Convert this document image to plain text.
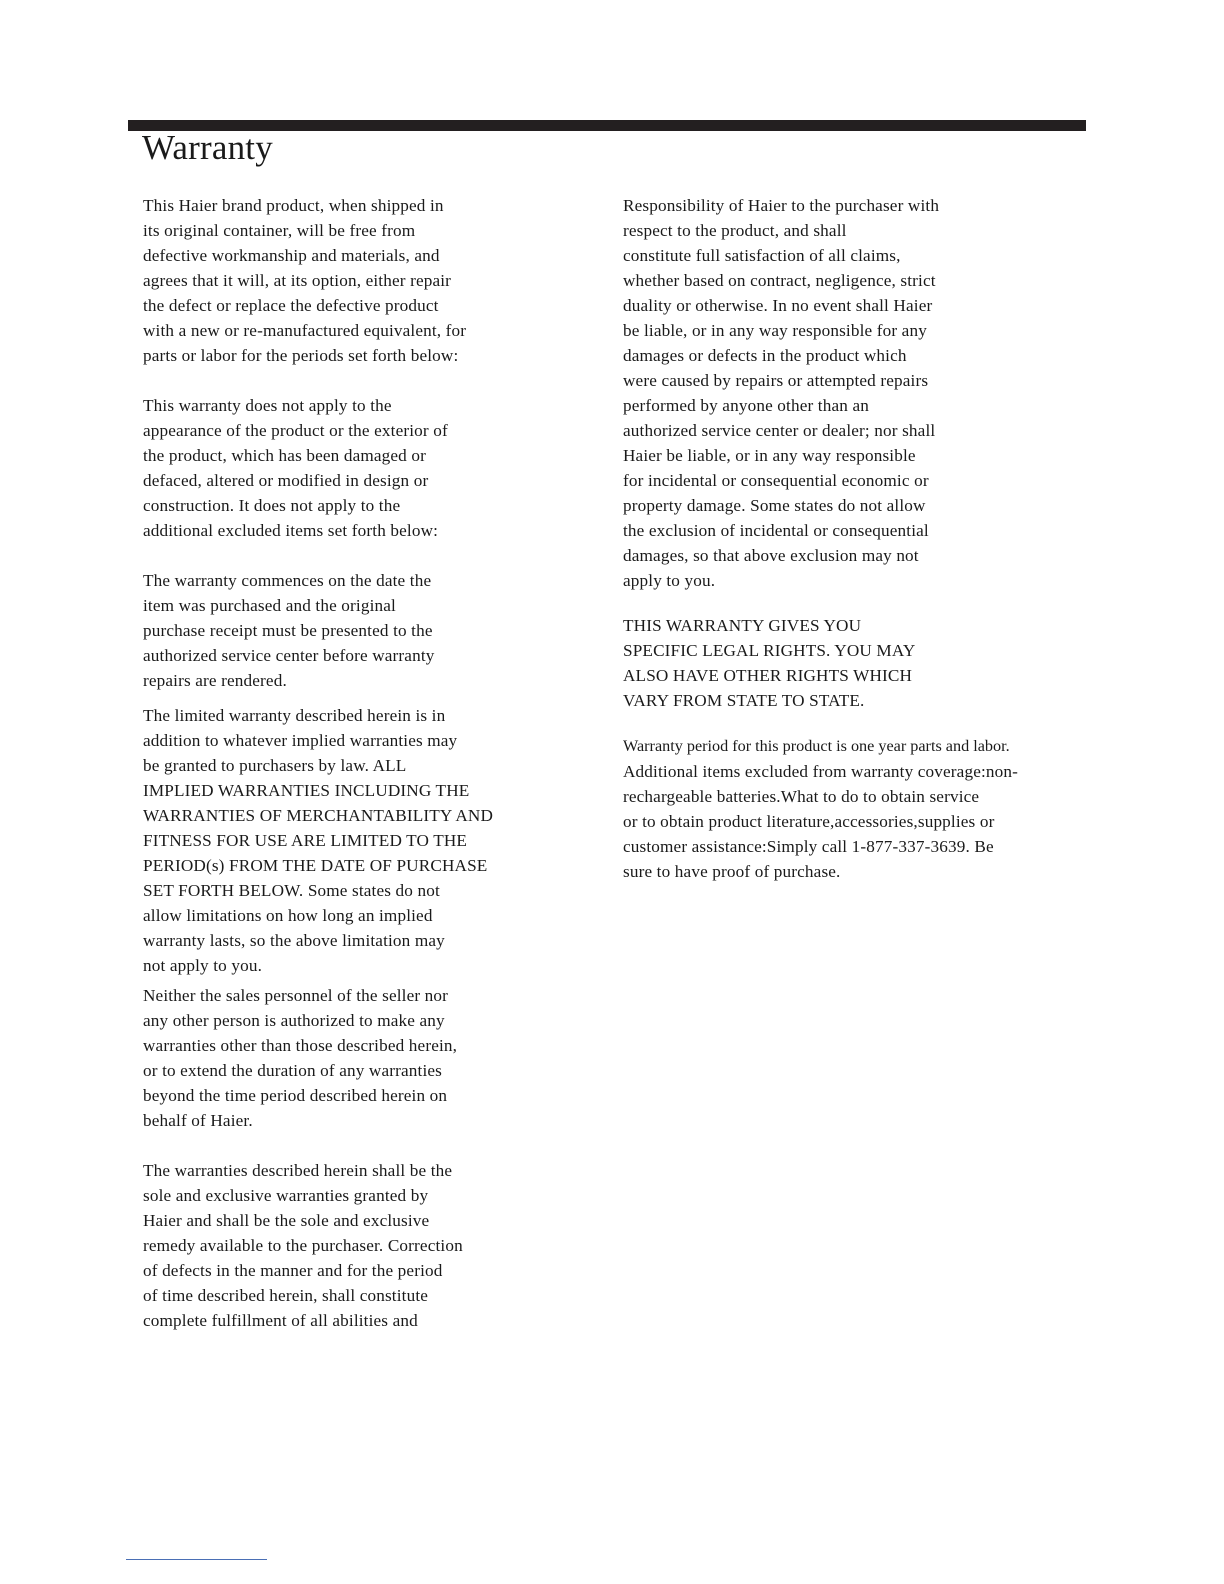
Warranty

This Haier brand product, when shipped in
its original container, will be free from
defective workmanship and materials, and
agrees that it will, at its option, either repair
the defect or replace the defective product
with a new or re-manufactured equivalent, for
parts or labor for the periods set forth below:

This warranty does not apply to the
appearance of the product or the exterior of
the product, which has been damaged or
defaced, altered or modified in design or
construction. It does not apply to the
additional excluded items set forth below:

The warranty commences on the date the
item was purchased and the original
purchase receipt must be presented to the
authorized service center before warranty
repairs are rendered.

The limited warranty described herein is in
addition to whatever implied warranties may
be granted to purchasers by law. ALL
IMPLIED WARRANTIES INCLUDING THE
WARRANTIES OF MERCHANTABILITY AND
FITNESS FOR USE ARE LIMITED TO THE
PERIOD(s) FROM THE DATE OF PURCHASE
SET FORTH BELOW. Some states do not
allow limitations on how long an implied
warranty lasts, so the above limitation may
not apply to you.

Neither the sales personnel of the seller nor
any other person is authorized to make any
warranties other than those described herein,
or to extend the duration of any warranties
beyond the time period described herein on
behalf of Haier.

The warranties described herein shall be the
sole and exclusive warranties granted by
Haier and shall be the sole and exclusive
remedy available to the purchaser. Correction
of defects in the manner and for the period
of time described herein, shall constitute
complete fulfillment of all abilities and

Responsibility of Haier to the purchaser with
respect to the product, and shall
constitute full satisfaction of all claims,
whether based on contract, negligence, strict
duality or otherwise. In no event shall Haier
be liable, or in any way responsible for any
damages or defects in the product which
were caused by repairs or attempted repairs
performed by anyone other than an
authorized service center or dealer; nor shall
Haier be liable, or in any way responsible
for incidental or consequential economic or
property damage. Some states do not allow
the exclusion of incidental or consequential
damages, so that above exclusion may not
apply to you.

THIS WARRANTY GIVES YOU
SPECIFIC LEGAL RIGHTS. YOU MAY
ALSO HAVE OTHER RIGHTS WHICH
VARY FROM STATE TO STATE.

Warranty period for this product is one year parts and labor.

Additional items excluded from warranty coverage:non-
rechargeable batteries.What to do to obtain service
or to obtain product literature,accessories,supplies or
customer assistance:Simply call 1-877-337-3639. Be
sure to have proof of purchase.
